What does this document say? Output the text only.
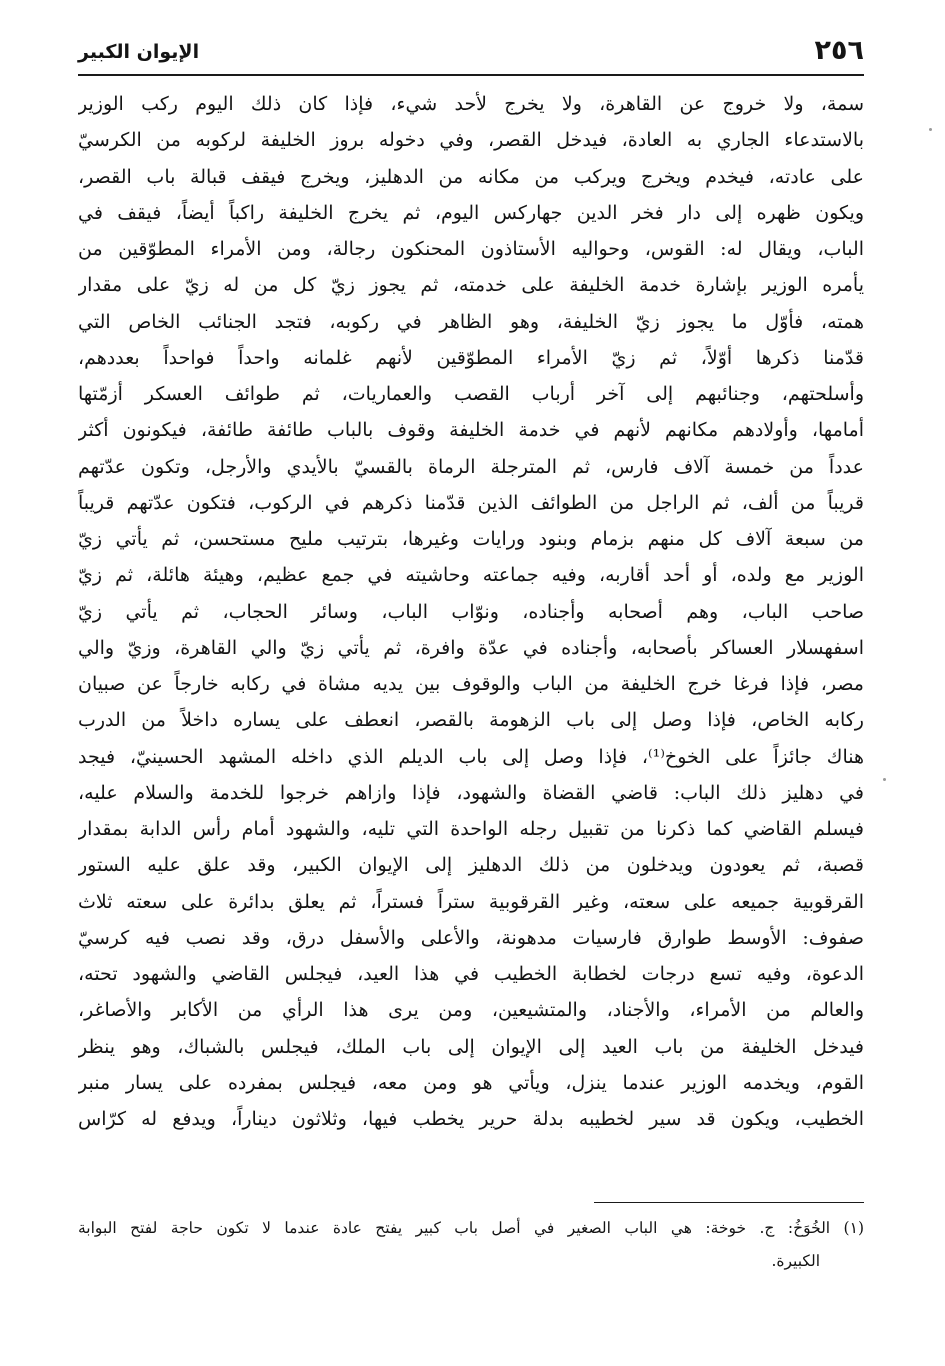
٢٥٦
الإيوان الكبير
سمة، ولا خروج عن القاهرة، ولا يخرج لأحد شيء، فإذا كان ذلك اليوم ركب الوزير
بالاستدعاء الجاري به العادة، فيدخل القصر، وفي دخوله بروز الخليفة لركوبه من الكرسيّ
على عادته، فيخدم ويخرج ويركب من مكانه من الدهليز، ويخرج فيقف قبالة باب القصر،
ويكون ظهره إلى دار فخر الدين جهاركس اليوم، ثم يخرج الخليفة راكباً أيضاً، فيقف في
الباب، ويقال له: القوس، وحواليه الأستاذون المحنكون رجالة، ومن الأمراء المطوّقين من
يأمره الوزير بإشارة خدمة الخليفة على خدمته، ثم يجوز زيّ كل من له زيّ على مقدار
همته، فأوّل ما يجوز زيّ الخليفة، وهو الظاهر في ركوبه، فتجد الجنائب الخاص التي
قدّمنا ذكرها أوّلاً، ثم زيّ الأمراء المطوّقين لأنهم غلمانه واحداً فواحداً بعددهم،
وأسلحتهم، وجنائبهم إلى آخر أرباب القصب والعماريات، ثم طوائف العسكر أزمّتها
أمامها، وأولادهم مكانهم لأنهم في خدمة الخليفة وقوف بالباب طائفة طائفة، فيكونون أكثر
عدداً من خمسة آلاف فارس، ثم المترجلة الرماة بالقسيّ بالأيدي والأرجل، وتكون عدّتهم
قريباً من ألف، ثم الراجل من الطوائف الذين قدّمنا ذكرهم في الركوب، فتكون عدّتهم قريباً
من سبعة آلاف كل منهم بزمام وبنود ورايات وغيرها، بترتيب مليح مستحسن، ثم يأتي زيّ
الوزير مع ولده، أو أحد أقاربه، وفيه جماعته وحاشيته في جمع عظيم، وهيئة هائلة، ثم زيّ
صاحب الباب، وهم أصحابه وأجناده، ونوّاب الباب، وسائر الحجاب، ثم يأتي زيّ
اسفهسلار العساكر بأصحابه، وأجناده في عدّة وافرة، ثم يأتي زيّ والي القاهرة، وزيّ والي
مصر، فإذا فرغا خرج الخليفة من الباب والوقوف بين يديه مشاة في ركابه خارجاً عن صبيان
ركابه الخاص، فإذا وصل إلى باب الزهومة بالقصر، انعطف على يساره داخلاً من الدرب
هناك جائزاً على الخوخ⁽¹⁾، فإذا وصل إلى باب الديلم الذي داخله المشهد الحسينيّ، فيجد
في دهليز ذلك الباب: قاضي القضاة والشهود، فإذا وازاهم خرجوا للخدمة والسلام عليه،
فيسلم القاضي كما ذكرنا من تقبيل رجله الواحدة التي تليه، والشهود أمام رأس الدابة بمقدار
قصبة، ثم يعودون ويدخلون من ذلك الدهليز إلى الإيوان الكبير، وقد علق عليه الستور
القرقوبية جميعه على سعته، وغير القرقوبية ستراً فستراً، ثم يعلق بدائرة على سعته ثلاث
صفوف: الأوسط طوارق فارسيات مدهونة، والأعلى والأسفل درق، وقد نصب فيه كرسيّ
الدعوة، وفيه تسع درجات لخطابة الخطيب في هذا العيد، فيجلس القاضي والشهود تحته،
والعالم من الأمراء، والأجناد، والمتشيعين، ومن يرى هذا الرأي من الأكابر والأصاغر،
فيدخل الخليفة من باب العيد إلى الإيوان إلى باب الملك، فيجلس بالشباك، وهو ينظر
القوم، ويخدمه الوزير عندما ينزل، ويأتي هو ومن معه، فيجلس بمفرده على يسار منبر
الخطيب، ويكون قد سير لخطيبه بدلة حرير يخطب فيها، وثلاثون ديناراً، ويدفع له كرّاس
(١) الخُوَخُ: ج. خوخة: هي الباب الصغير في أصل باب كبير يفتح عادة عندما لا تكون حاجة لفتح البوابة
الكبيرة.
